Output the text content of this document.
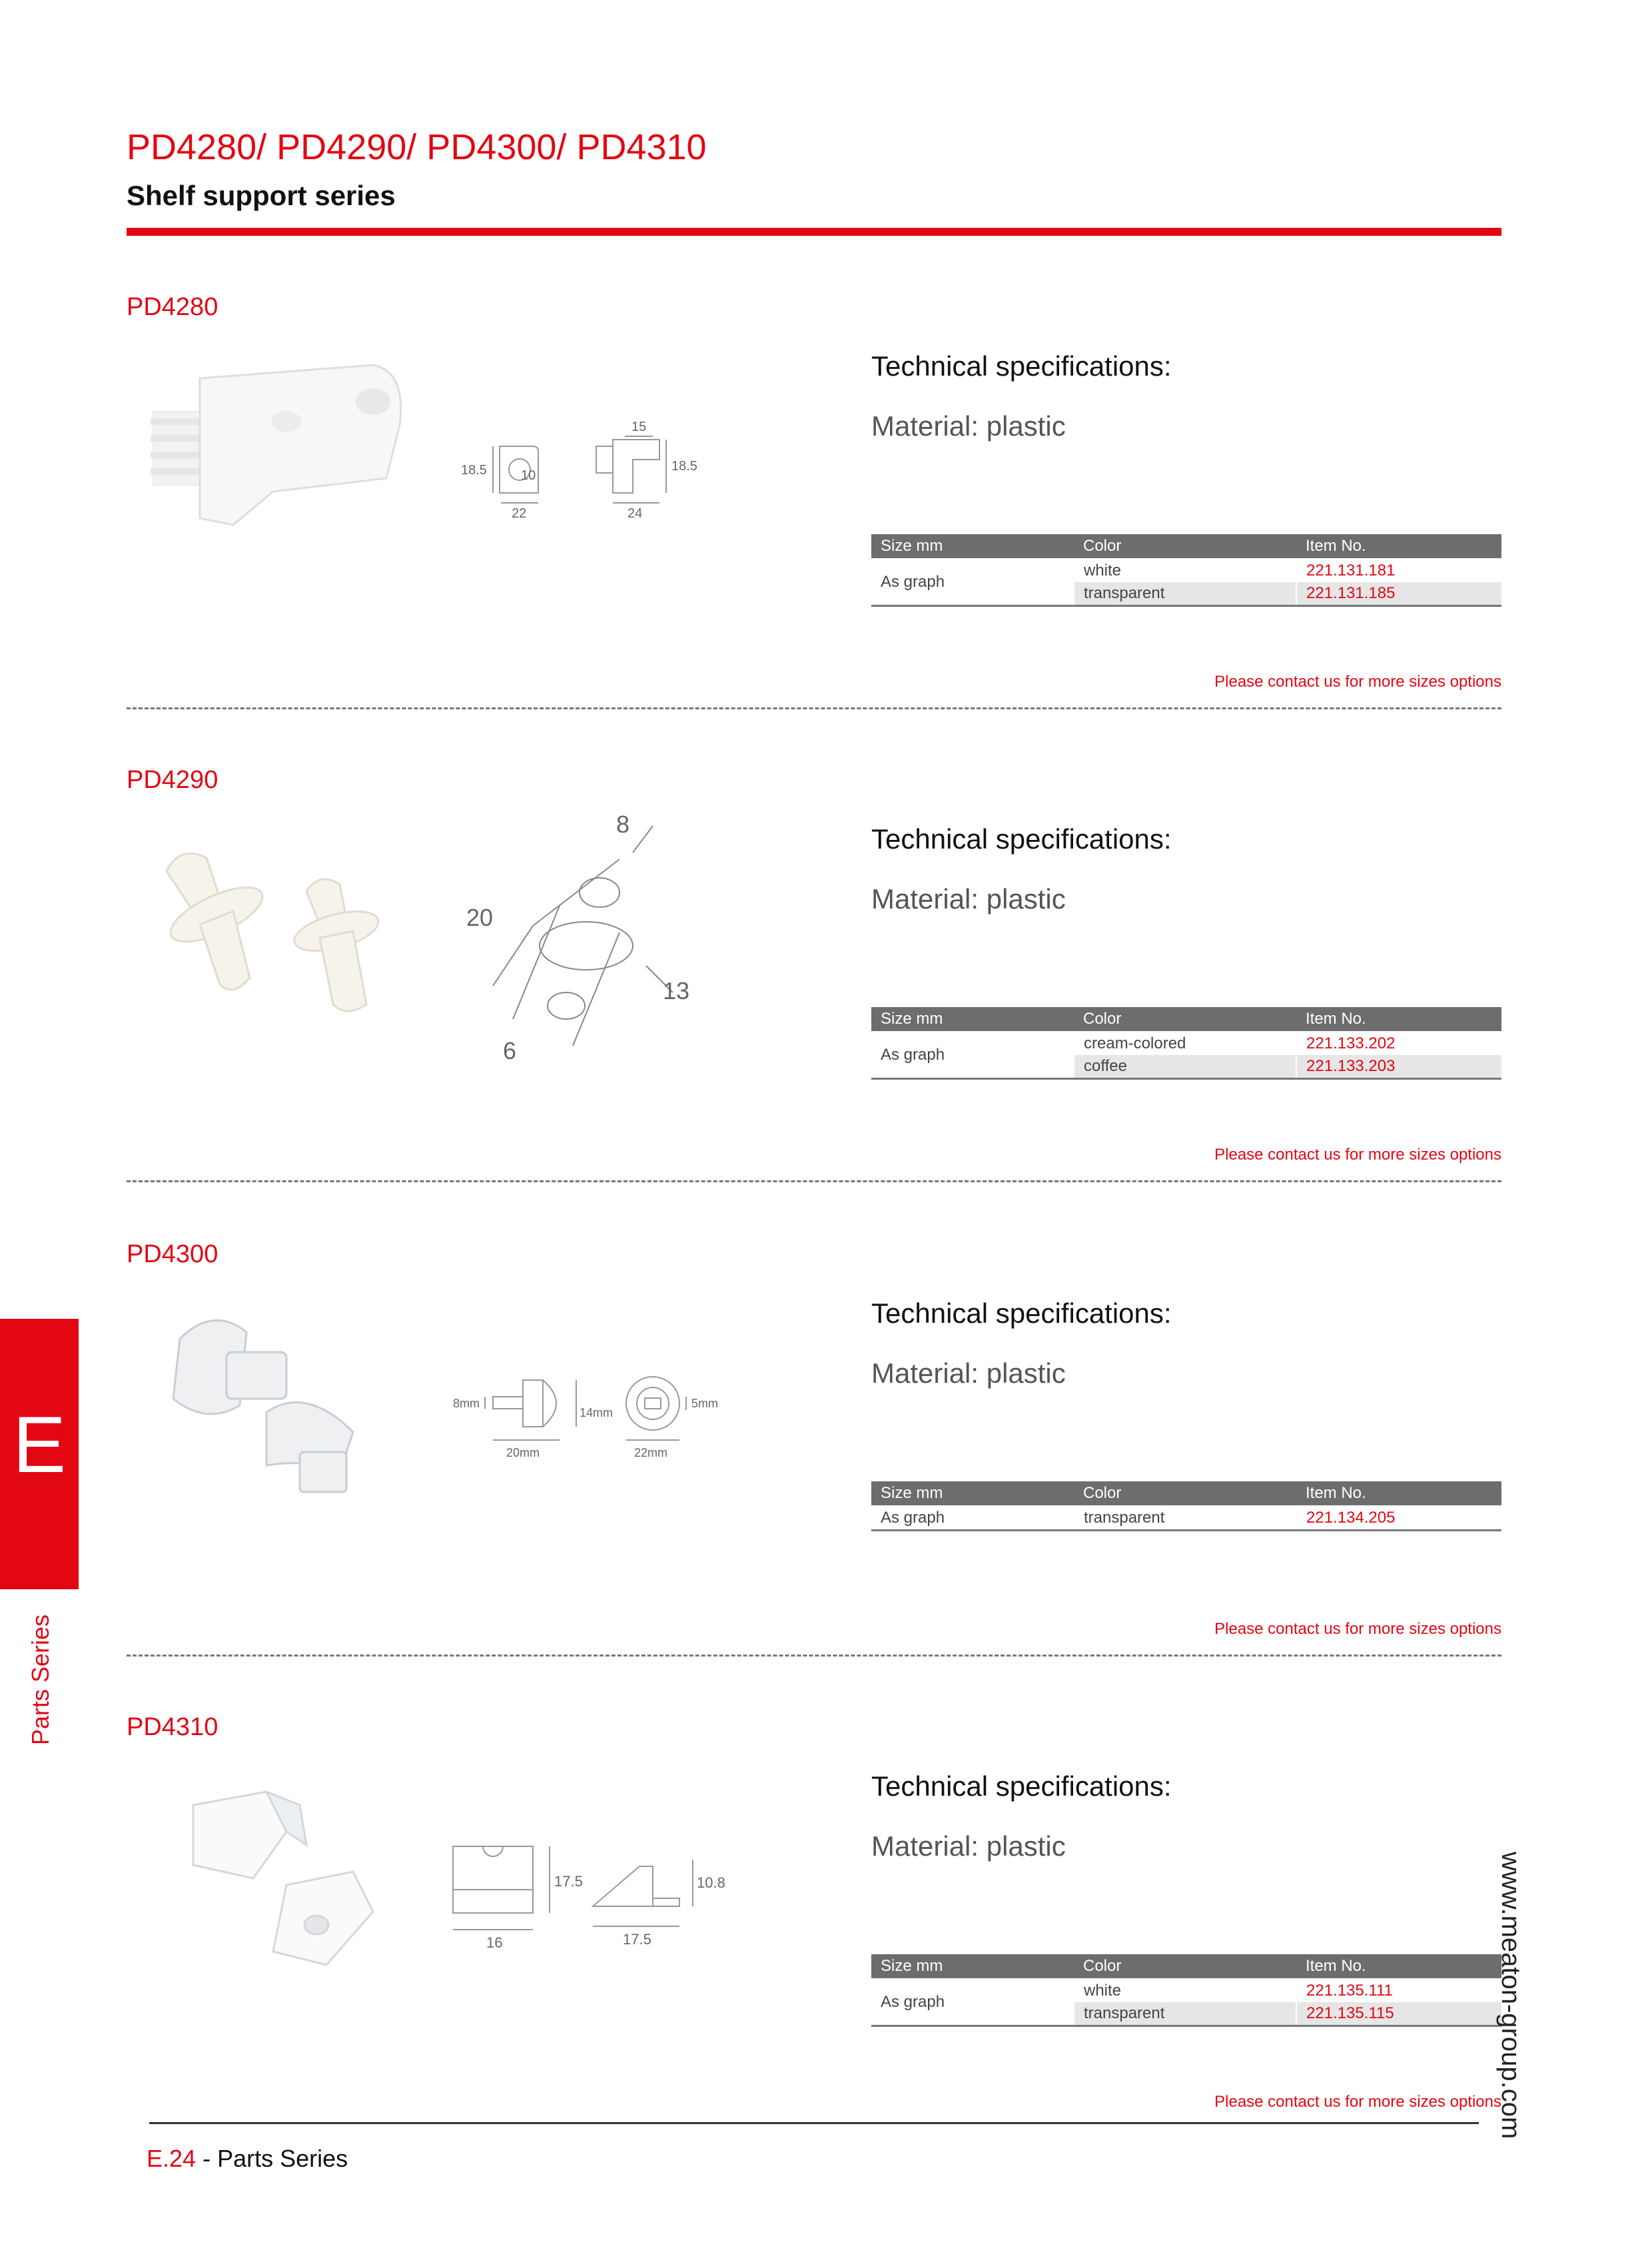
PD4280/ PD4290/ PD4300/ PD4310
Shelf support series
PD4280
18.5	10
22
15
18.5
24
Technical specifications:
Material: plastic
Size mm	Color	Item No.
As graph	white	221.131.181
	transparent	221.131.185
Please contact us for more sizes options
PD4290
8
20
13
6
Technical specifications:
Material: plastic
Size mm	Color	Item No.
As graph	cream-colored	221.133.202
	coffee	221.133.203
Please contact us for more sizes options
PD4300
8mm
14mm
20mm
5mm
22mm
Technical specifications:
Material: plastic
Size mm	Color	Item No.
As graph	transparent	221.134.205
Please contact us for more sizes options
PD4310
17.5
16
10.8
17.5
Technical specifications:
Material: plastic
Size mm	Color	Item No.
As graph	white	221.135.111
	transparent	221.135.115
Please contact us for more sizes options
E
Parts Series
www.meaton-group.com
E.24 - Parts Series
